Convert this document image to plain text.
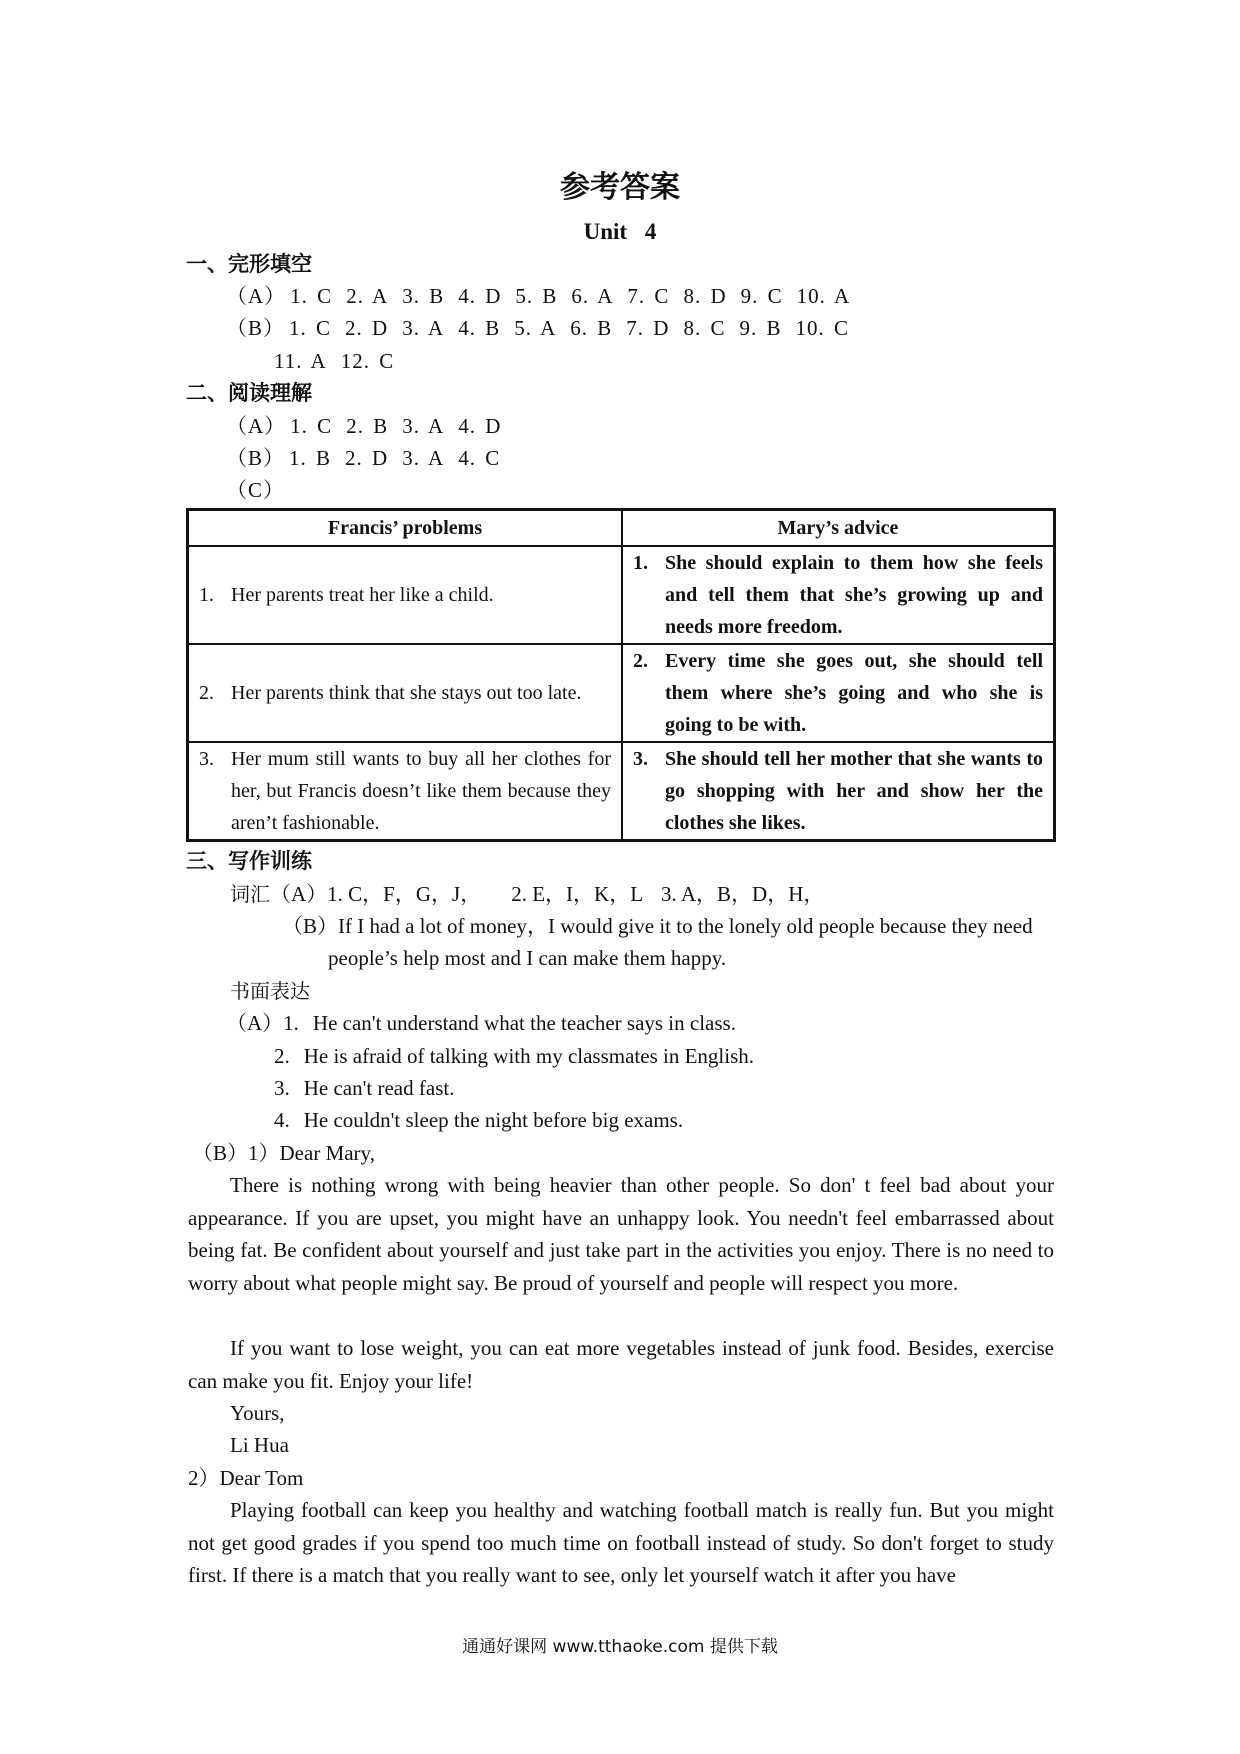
参考答案
Unit 4
一、完形填空
（A） 1. C 2. A 3. B 4. D 5. B 6. A 7. C 8. D 9. C 10. A
（B） 1. C 2. D 3. A 4. B 5. A 6. B 7. D 8. C 9. B 10. C
11. A 12. C
二、阅读理解
（A） 1. C 2. B 3. A 4. D
（B） 1. B 2. D 3. A 4. C
（C）
Francis’ problems	Mary’s advice

1. Her parents treat her like a child.	1. She should explain to them how she feels and tell them that she’s growing up and needs more freedom.

2. Her parents think that she stays out too late.	2. Every time she goes out, she should tell them where she’s going and who she is going to be with.

3. Her mum still wants to buy all her clothes for her, but Francis doesn’t like them because they aren’t fashionable.	3. She should tell her mother that she wants to go shopping with her and show her the clothes she likes.
三、写作训练
词汇（A）1. C，F，G，J， 2. E，I，K，L 3. A，B，D，H，
（B）If I had a lot of money，I would give it to the lonely old people because they need
people’s help most and I can make them happy.
书面表达
（A）1. He can't understand what the teacher says in class.
2. He is afraid of talking with my classmates in English.
3. He can't read fast.
4. He couldn't sleep the night before big exams.
（B）1）Dear Mary,
There is nothing wrong with being heavier than other people. So don' t feel bad about your appearance. If you are upset, you might have an unhappy look. You needn't feel embarrassed about being fat. Be confident about yourself and just take part in the activities you enjoy. There is no need to worry about what people might say. Be proud of yourself and people will respect you more.
If you want to lose weight, you can eat more vegetables instead of junk food. Besides, exercise can make you fit. Enjoy your life!
Yours,
Li Hua
2）Dear Tom
Playing football can keep you healthy and watching football match is really fun. But you might not get good grades if you spend too much time on football instead of study. So don't forget to study first. If there is a match that you really want to see, only let yourself watch it after you have
通通好课网 www.tthaoke.com 提供下载
